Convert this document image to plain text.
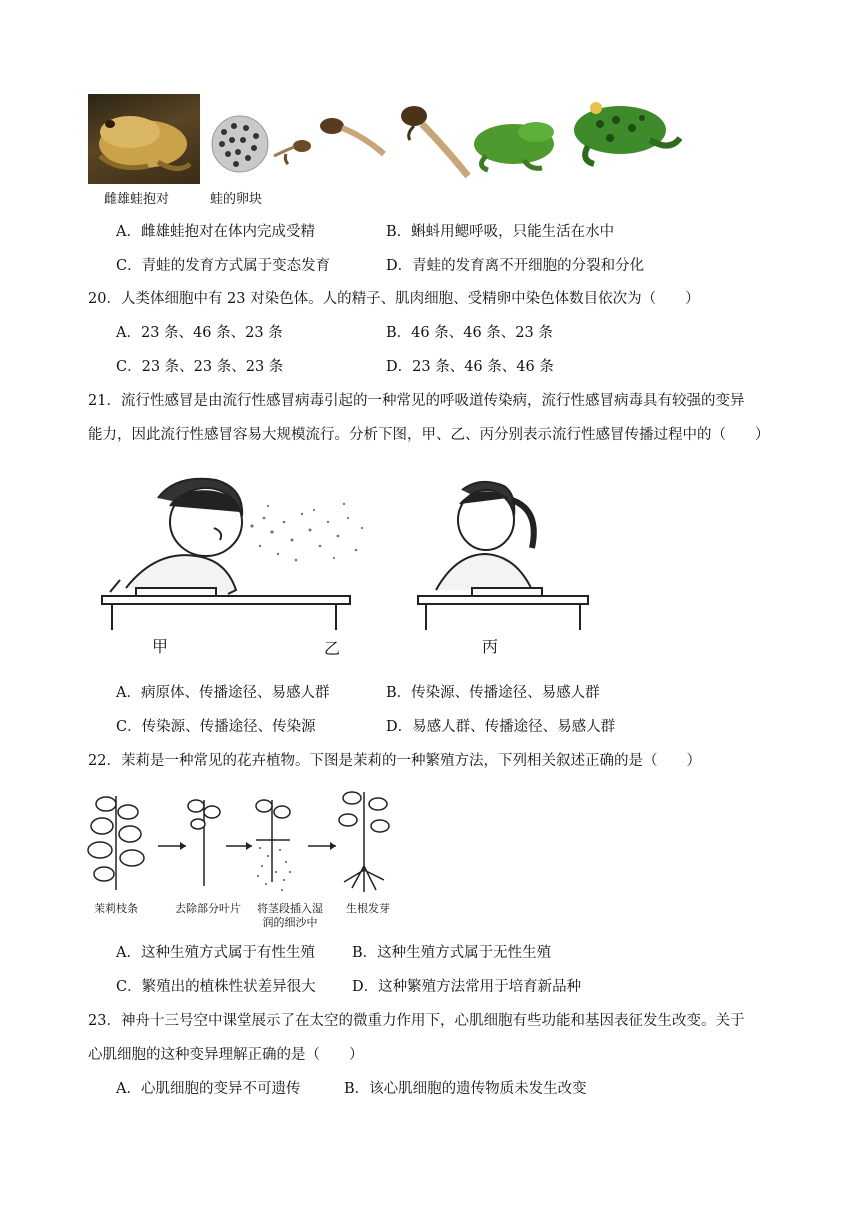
雌雄蛙抱对	蛙的卵块
A．雌雄蛙抱对在体内完成受精	B．蝌蚪用鳃呼吸，只能生活在水中
C．青蛙的发育方式属于变态发育	D．青蛙的发育离不开细胞的分裂和分化
20．人类体细胞中有 23 对染色体。人的精子、肌肉细胞、受精卵中染色体数目依次为（　　）
A．23 条、46 条、23 条	B．46 条、46 条、23 条
C．23 条、23 条、23 条	D．23 条、46 条、46 条
21．流行性感冒是由流行性感冒病毒引起的一种常见的呼吸道传染病，流行性感冒病毒具有较强的变异
能力，因此流行性感冒容易大规模流行。分析下图，甲、乙、丙分别表示流行性感冒传播过程中的（　　）
甲	乙	丙
A．病原体、传播途径、易感人群	B．传染源、传播途径、易感人群
C．传染源、传播途径、传染源	D．易感人群、传播途径、易感人群
22．茉莉是一种常见的花卉植物。下图是茉莉的一种繁殖方法，下列相关叙述正确的是（　　）
茉莉枝条	去除部分叶片	将茎段插入湿
润的细沙中
生根发芽
A．这种生殖方式属于有性生殖	B．这种生殖方式属于无性生殖
C．繁殖出的植株性状差异很大	D．这种繁殖方法常用于培育新品种
23．神舟十三号空中课堂展示了在太空的微重力作用下，心肌细胞有些功能和基因表征发生改变。关于
心肌细胞的这种变异理解正确的是（　　）
A．心肌细胞的变异不可遗传	B．该心肌细胞的遗传物质未发生改变
